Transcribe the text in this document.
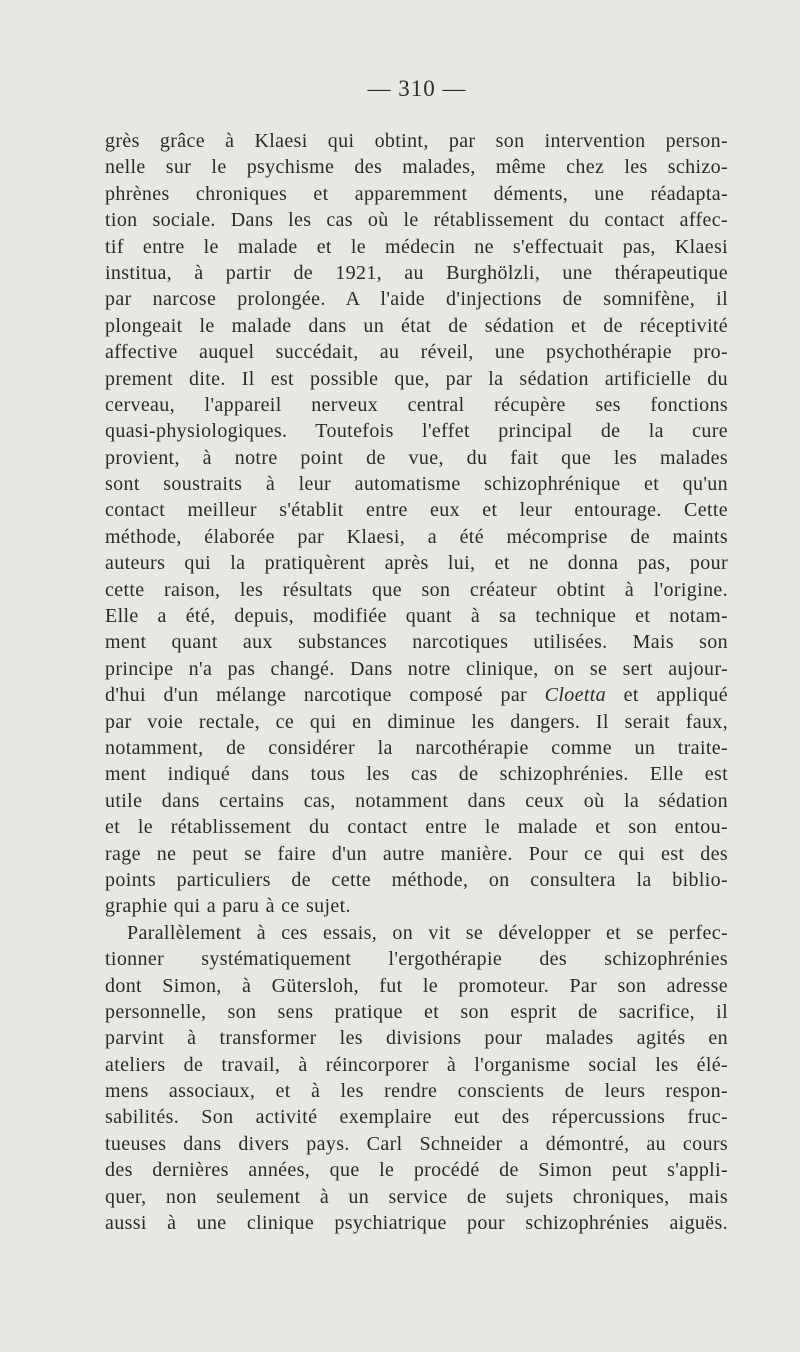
— 310 —
grès grâce à Klaesi qui obtint, par son intervention person-
nelle sur le psychisme des malades, même chez les schizo-
phrènes chroniques et apparemment déments, une réadapta-
tion sociale. Dans les cas où le rétablissement du contact affec-
tif entre le malade et le médecin ne s'effectuait pas, Klaesi
institua, à partir de 1921, au Burghölzli, une thérapeutique
par narcose prolongée. A l'aide d'injections de somnifène, il
plongeait le malade dans un état de sédation et de réceptivité
affective auquel succédait, au réveil, une psychothérapie pro-
prement dite. Il est possible que, par la sédation artificielle du
cerveau, l'appareil nerveux central récupère ses fonctions
quasi-physiologiques. Toutefois l'effet principal de la cure
provient, à notre point de vue, du fait que les malades
sont soustraits à leur automatisme schizophrénique et qu'un
contact meilleur s'établit entre eux et leur entourage. Cette
méthode, élaborée par Klaesi, a été mécomprise de maints
auteurs qui la pratiquèrent après lui, et ne donna pas, pour
cette raison, les résultats que son créateur obtint à l'origine.
Elle a été, depuis, modifiée quant à sa technique et notam-
ment quant aux substances narcotiques utilisées. Mais son
principe n'a pas changé. Dans notre clinique, on se sert aujour-
d'hui d'un mélange narcotique composé par Cloetta et appliqué
par voie rectale, ce qui en diminue les dangers. Il serait faux,
notamment, de considérer la narcothérapie comme un traite-
ment indiqué dans tous les cas de schizophrénies. Elle est
utile dans certains cas, notamment dans ceux où la sédation
et le rétablissement du contact entre le malade et son entou-
rage ne peut se faire d'un autre manière. Pour ce qui est des
points particuliers de cette méthode, on consultera la biblio-
graphie qui a paru à ce sujet.
Parallèlement à ces essais, on vit se développer et se perfec-
tionner systématiquement l'ergothérapie des schizophrénies
dont Simon, à Gütersloh, fut le promoteur. Par son adresse
personnelle, son sens pratique et son esprit de sacrifice, il
parvint à transformer les divisions pour malades agités en
ateliers de travail, à réincorporer à l'organisme social les élé-
mens associaux, et à les rendre conscients de leurs respon-
sabilités. Son activité exemplaire eut des répercussions fruc-
tueuses dans divers pays. Carl Schneider a démontré, au cours
des dernières années, que le procédé de Simon peut s'appli-
quer, non seulement à un service de sujets chroniques, mais
aussi à une clinique psychiatrique pour schizophrénies aiguës.
